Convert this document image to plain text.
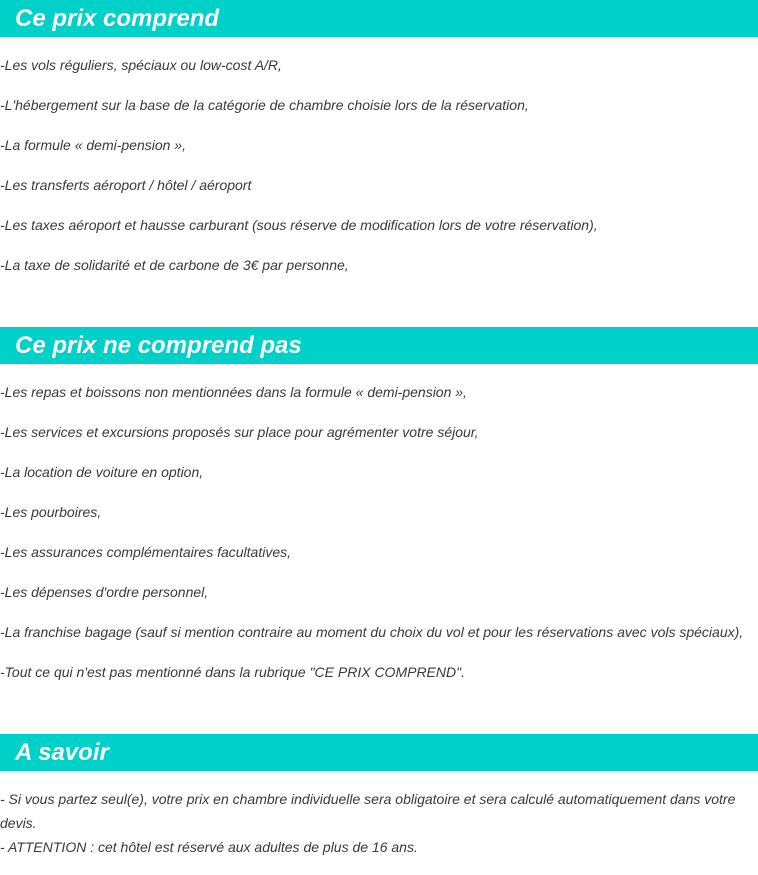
Ce prix comprend
-Les vols réguliers, spéciaux ou low-cost A/R,
-L'hébergement sur la base de la catégorie de chambre choisie lors de la réservation,
-La formule « demi-pension »,
-Les transferts aéroport / hôtel / aéroport
-Les taxes aéroport et hausse carburant (sous réserve de modification lors de votre réservation),
-La taxe de solidarité et de carbone de 3€ par personne,
Ce prix ne comprend pas
-Les repas et boissons non mentionnées dans la formule « demi-pension »,
-Les services et excursions proposés sur place pour agrémenter votre séjour,
-La location de voiture en option,
-Les pourboires,
-Les assurances complémentaires facultatives,
-Les dépenses d'ordre personnel,
-La franchise bagage (sauf si mention contraire au moment du choix du vol et pour les réservations avec vols spéciaux),
-Tout ce qui n'est pas mentionné dans la rubrique "CE PRIX COMPREND".
A savoir
- Si vous partez seul(e), votre prix en chambre individuelle sera obligatoire et sera calculé automatiquement dans votre devis.
- ATTENTION : cet hôtel est réservé aux adultes de plus de 16 ans.
